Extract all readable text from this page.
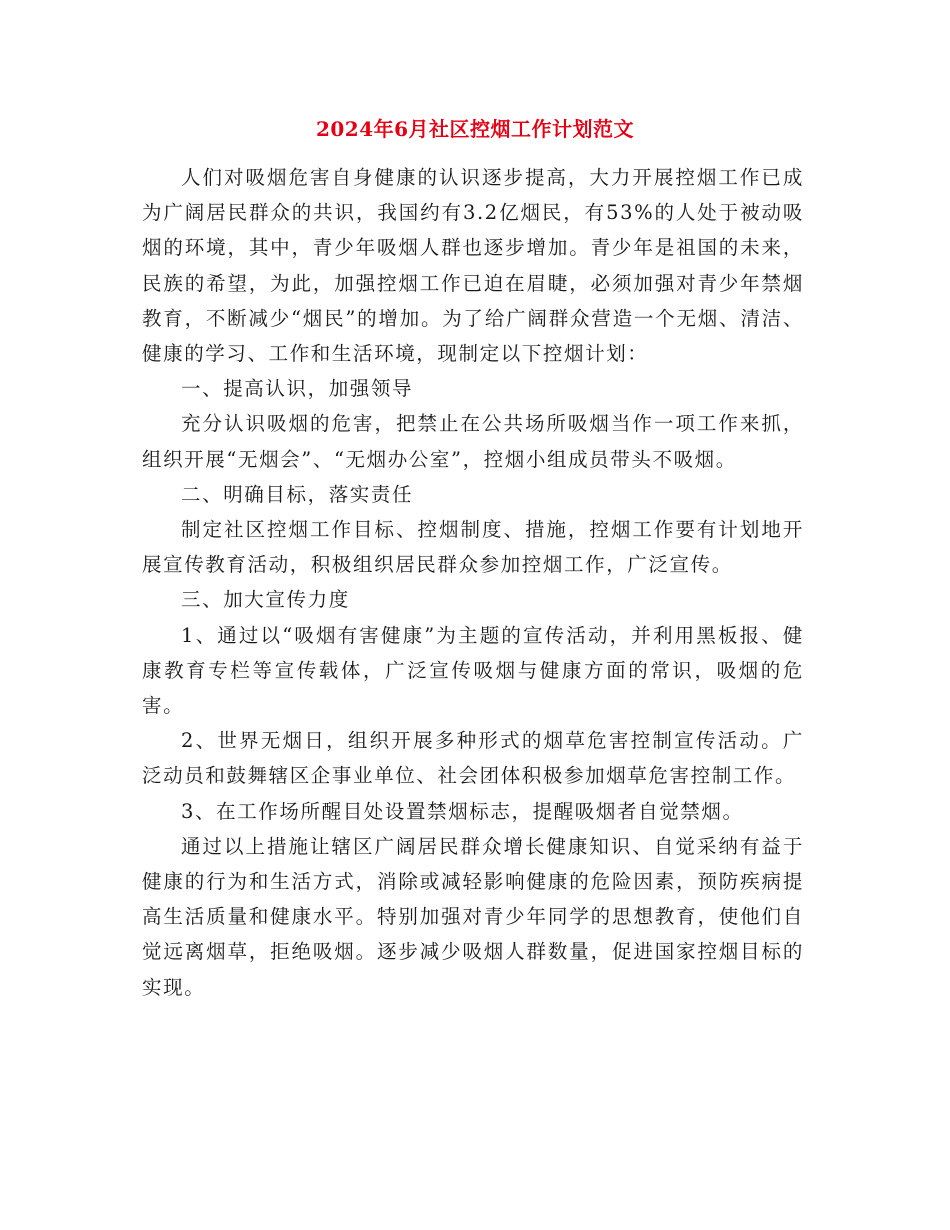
2024年6月社区控烟工作计划范文

人们对吸烟危害自身健康的认识逐步提高，大力开展控烟工作已成为广阔居民群众的共识，我国约有3.2亿烟民，有53%的人处于被动吸烟的环境，其中，青少年吸烟人群也逐步增加。青少年是祖国的未来，民族的希望，为此，加强控烟工作已迫在眉睫，必须加强对青少年禁烟教育，不断减少“烟民”的增加。为了给广阔群众营造一个无烟、清洁、健康的学习、工作和生活环境，现制定以下控烟计划：

一、提高认识，加强领导

充分认识吸烟的危害，把禁止在公共场所吸烟当作一项工作来抓，组织开展“无烟会”、“无烟办公室”，控烟小组成员带头不吸烟。

二、明确目标，落实责任

制定社区控烟工作目标、控烟制度、措施，控烟工作要有计划地开展宣传教育活动，积极组织居民群众参加控烟工作，广泛宣传。

三、加大宣传力度

1、通过以“吸烟有害健康”为主题的宣传活动，并利用黑板报、健康教育专栏等宣传载体，广泛宣传吸烟与健康方面的常识，吸烟的危害。

2、世界无烟日，组织开展多种形式的烟草危害控制宣传活动。广泛动员和鼓舞辖区企事业单位、社会团体积极参加烟草危害控制工作。

3、在工作场所醒目处设置禁烟标志，提醒吸烟者自觉禁烟。

通过以上措施让辖区广阔居民群众增长健康知识、自觉采纳有益于健康的行为和生活方式，消除或减轻影响健康的危险因素，预防疾病提高生活质量和健康水平。特别加强对青少年同学的思想教育，使他们自觉远离烟草，拒绝吸烟。逐步减少吸烟人群数量，促进国家控烟目标的实现。
